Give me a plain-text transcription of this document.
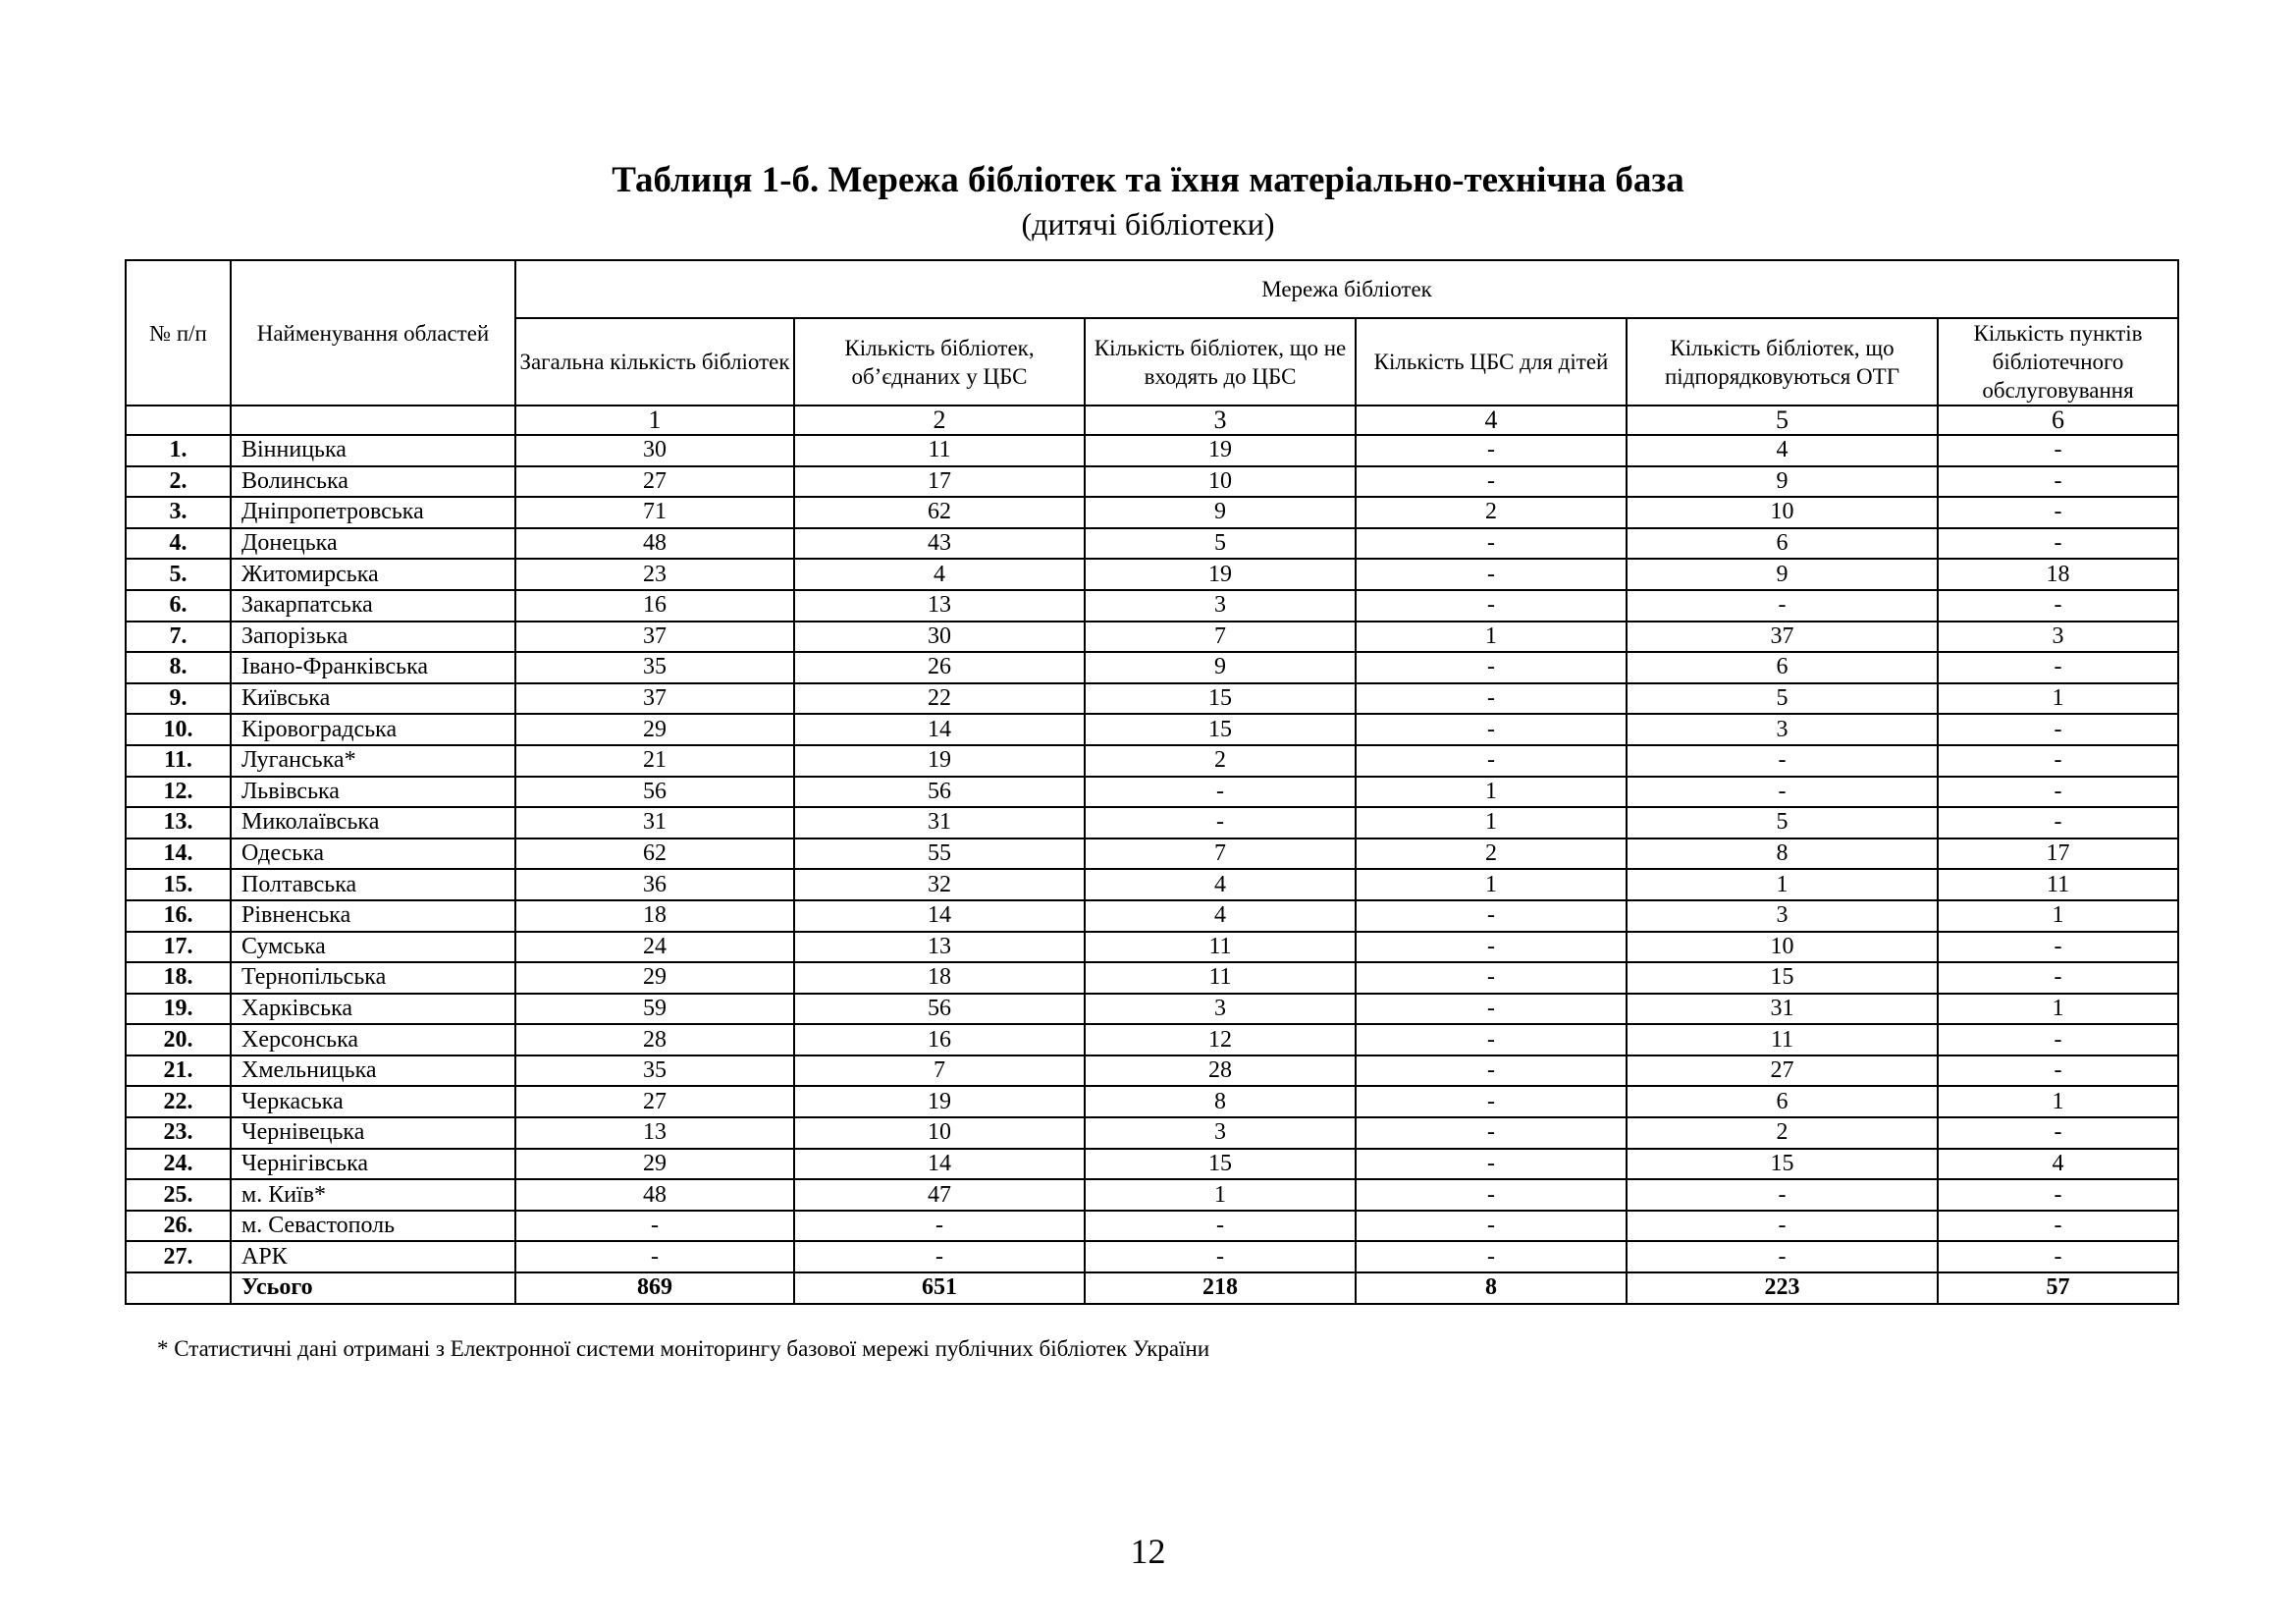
Таблиця 1-б. Мережа бібліотек та їхня матеріально-технічна база
(дитячі бібліотеки)
№ п/п	Найменування областей	Мережа бібліотек					
		Загальна кількість бібліотек	Кількість бібліотек, об’єднаних у ЦБС	Кількість бібліотек, що не входять до ЦБС	Кількість ЦБС для дітей	Кількість бібліотек, що підпорядковуються ОТГ	Кількість пунктів бібліотечного обслуговування
		1	2	3	4	5	6
1.	Вінницька	30	11	19	-	4	-
2.	Волинська	27	17	10	-	9	-
3.	Дніпропетровська	71	62	9	2	10	-
4.	Донецька	48	43	5	-	6	-
5.	Житомирська	23	4	19	-	9	18
6.	Закарпатська	16	13	3	-	-	-
7.	Запорізька	37	30	7	1	37	3
8.	Івано-Франківська	35	26	9	-	6	-
9.	Київська	37	22	15	-	5	1
10.	Кіровоградська	29	14	15	-	3	-
11.	Луганська*	21	19	2	-	-	-
12.	Львівська	56	56	-	1	-	-
13.	Миколаївська	31	31	-	1	5	-
14.	Одеська	62	55	7	2	8	17
15.	Полтавська	36	32	4	1	1	11
16.	Рівненська	18	14	4	-	3	1
17.	Сумська	24	13	11	-	10	-
18.	Тернопільська	29	18	11	-	15	-
19.	Харківська	59	56	3	-	31	1
20.	Херсонська	28	16	12	-	11	-
21.	Хмельницька	35	7	28	-	27	-
22.	Черкаська	27	19	8	-	6	1
23.	Чернівецька	13	10	3	-	2	-
24.	Чернігівська	29	14	15	-	15	4
25.	м. Київ*	48	47	1	-	-	-
26.	м. Севастополь	-	-	-	-	-	-
27.	АРК	-	-	-	-	-	-
	Усього	869	651	218	8	223	57
* Статистичні дані отримані з Електронної системи моніторингу базової мережі публічних бібліотек України
12
